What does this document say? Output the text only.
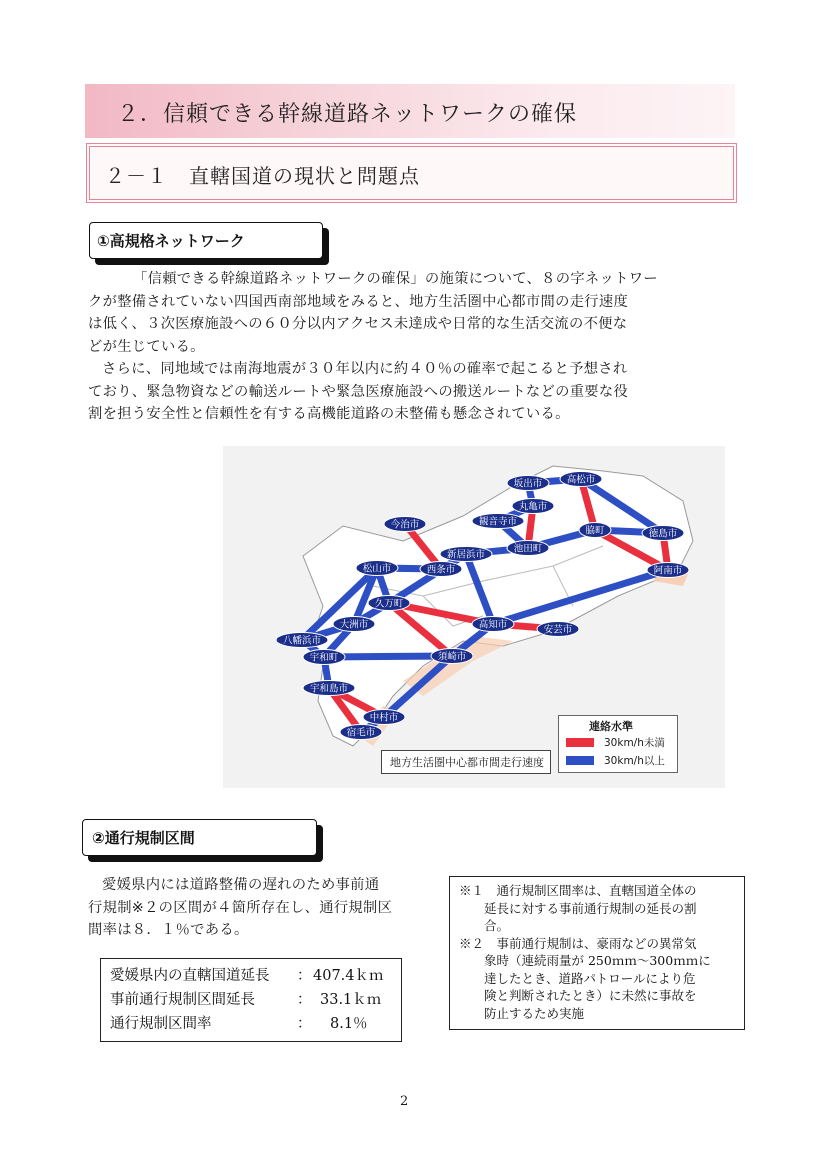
２．信頼できる幹線道路ネットワークの確保
２－１　直轄国道の現状と問題点
①高規格ネットワーク
「信頼できる幹線道路ネットワークの確保」の施策について、８の字ネットワー
クが整備されていない四国西南部地域をみると、地方生活圏中心都市間の走行速度
は低く、３次医療施設への６０分以内アクセス未達成や日常的な生活交流の不便な
どが生じている。
さらに、同地域では南海地震が３０年以内に約４０％の確率で起こると予想され
ており、緊急物資などの輸送ルートや緊急医療施設への搬送ルートなどの重要な役
割を担う安全性と信頼性を有する高機能道路の未整備も懸念されている。
坂出市	高松市
丸亀市
観音寺市
徳島市
脇町
今治市
新居浜市
池田町
西条市
松山市	阿南市
久万町
大洲市	高知市	安芸市
八幡浜市
宇和町	須崎市
宇和島市
中村市
宿毛市	連絡水準
30km/h未満
30km/h以上
地方生活圏中心都市間走行速度
②通行規制区間
愛媛県内には道路整備の遅れのため事前通
行規制※２の区間が４箇所存在し、通行規制区
間率は８．１％である。
※１　通行規制区間率は、直轄国道全体の
　　延長に対する事前通行規制の延長の割
　　合。
※２　事前通行規制は、豪雨などの異常気
　　象時（連続雨量が 250ｍｍ～300ｍｍに
　　達したとき、道路パトロールにより危
　　険と判断されたとき）に未然に事故を
　　防止するため実施
愛媛県内の直轄国道延長 ： 407.4ｋｍ
事前通行規制区間延長	： 33.1ｋｍ
通行規制区間率	： 8.1％
2
